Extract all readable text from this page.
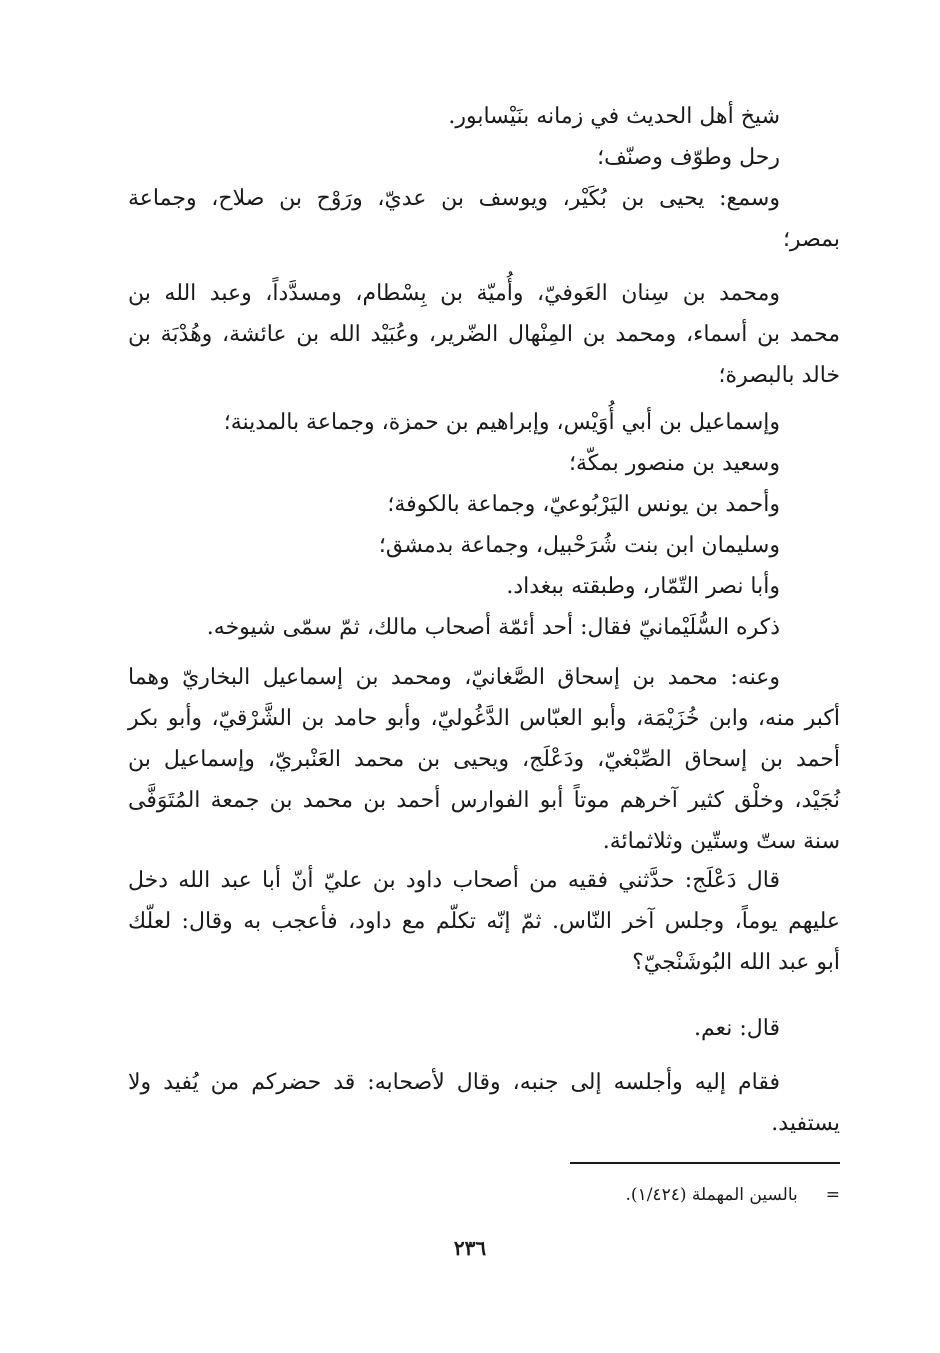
شيخ أهل الحديث في زمانه بنَيْسابور.
رحل وطوّف وصنّف؛
وسمع: يحيى بن بُكَيْر، ويوسف بن عديّ، ورَوْح بن صلاح، وجماعة
بمصر؛
ومحمد بن سِنان العَوفيّ، وأُميّة بن بِسْطام، ومسدَّداً، وعبد الله بن
محمد بن أسماء، ومحمد بن المِنْهال الضّرير، وعُبَيْد الله بن عائشة، وهُدْبَة بن
خالد بالبصرة؛
وإسماعيل بن أبي أُوَيْس، وإبراهيم بن حمزة، وجماعة بالمدينة؛
وسعيد بن منصور بمكّة؛
وأحمد بن يونس اليَرْبُوعيّ، وجماعة بالكوفة؛
وسليمان ابن بنت شُرَحْبيل، وجماعة بدمشق؛
وأبا نصر التّمّار، وطبقته ببغداد.
ذكره السُّلَيْمانيّ فقال: أحد أئمّة أصحاب مالك، ثمّ سمّى شيوخه.
وعنه: محمد بن إسحاق الصَّغانيّ، ومحمد بن إسماعيل البخاريّ وهما
أكبر منه، وابن خُزَيْمَة، وأبو العبّاس الدَّغُوليّ، وأبو حامد بن الشَّرْقيّ، وأبو بكر
أحمد بن إسحاق الصِّبْغيّ، ودَعْلَج، ويحيى بن محمد العَنْبريّ، وإسماعيل بن
نُجَيْد، وخلْق كثير آخرهم موتاً أبو الفوارس أحمد بن محمد بن جمعة المُتَوَفَّى
سنة ستّ وستّين وثلاثمائة.
قال دَعْلَج: حدَّثني فقيه من أصحاب داود بن عليّ أنّ أبا عبد الله دخل
عليهم يوماً، وجلس آخر النّاس. ثمّ إنّه تكلّم مع داود، فأعجب به وقال: لعلّك
أبو عبد الله البُوشَنْجيّ؟
قال: نعم.
فقام إليه وأجلسه إلى جنبه، وقال لأصحابه: قد حضركم من يُفيد ولا
يستفيد.
=بالسين المهملة (١/٤٢٤).
٢٣٦
